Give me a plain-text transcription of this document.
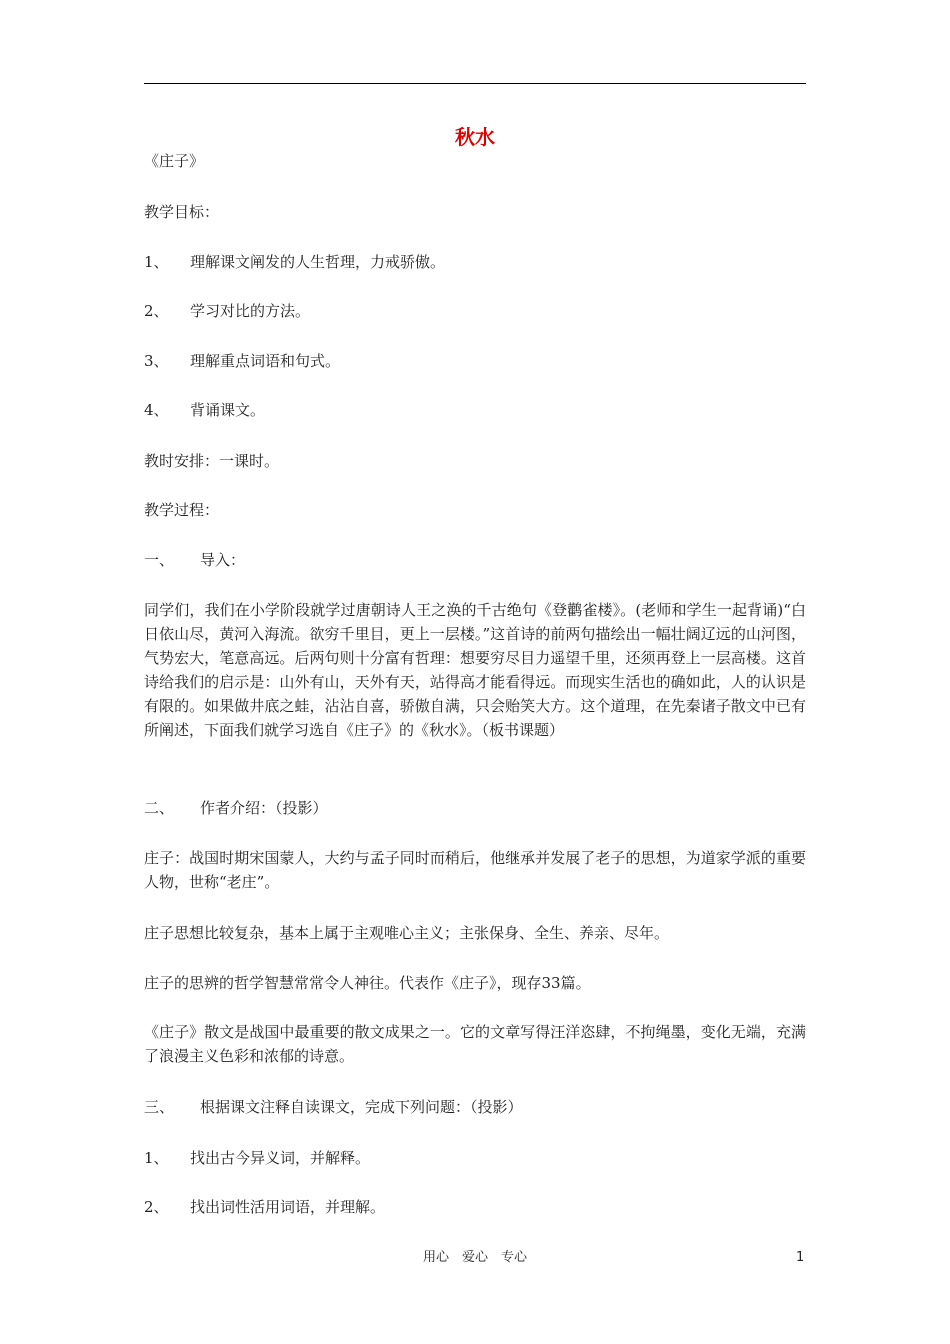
秋水
《庄子》
教学目标：
1、 理解课文阐发的人生哲理，力戒骄傲。
2、 学习对比的方法。
3、 理解重点词语和句式。
4、 背诵课文。
教时安排：一课时。
教学过程：
一、 导入：
同学们，我们在小学阶段就学过唐朝诗人王之涣的千古绝句《登鹳雀楼》。(老师和学生一起背诵)“白日依山尽，黄河入海流。欲穷千里目，更上一层楼。”这首诗的前两句描绘出一幅壮阔辽远的山河图，气势宏大，笔意高远。后两句则十分富有哲理：想要穷尽目力遥望千里，还须再登上一层高楼。这首诗给我们的启示是：山外有山，天外有天，站得高才能看得远。而现实生活也的确如此，人的认识是有限的。如果做井底之蛙，沾沾自喜，骄傲自满，只会贻笑大方。这个道理，在先秦诸子散文中已有所阐述，下面我们就学习选自《庄子》的《秋水》。（板书课题）
二、 作者介绍：（投影）
庄子：战国时期宋国蒙人，大约与孟子同时而稍后，他继承并发展了老子的思想，为道家学派的重要人物，世称“老庄”。
庄子思想比较复杂，基本上属于主观唯心主义；主张保身、全生、养亲、尽年。
庄子的思辨的哲学智慧常常令人神往。代表作《庄子》，现存33篇。
《庄子》散文是战国中最重要的散文成果之一。它的文章写得汪洋恣肆，不拘绳墨，变化无端，充满了浪漫主义色彩和浓郁的诗意。
三、 根据课文注释自读课文，完成下列问题：（投影）
1、 找出古今异义词，并解释。
2、 找出词性活用词语，并理解。
用心　爱心　专心	1
